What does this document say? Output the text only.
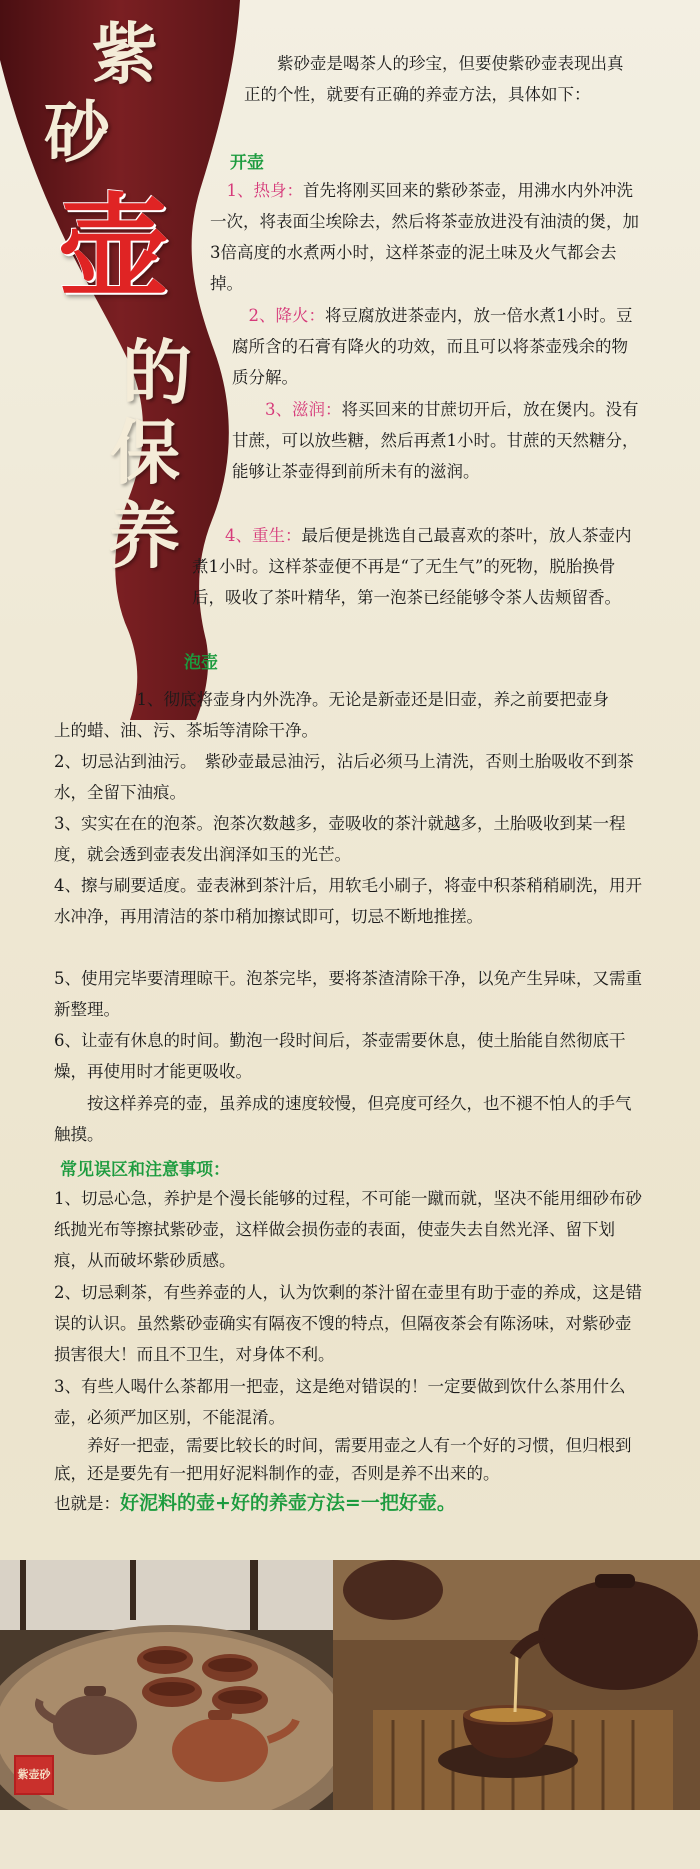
紫
砂
壶
的
保
养

紫砂壶是喝茶人的珍宝，但要使紫砂壶表现出真正的个性，就要有正确的养壶方法，具体如下：

开壶

1、热身：首先将刚买回来的紫砂茶壶，用沸水内外冲洗一次，将表面尘埃除去，然后将茶壶放进没有油渍的煲，加3倍高度的水煮两小时，这样茶壶的泥土味及火气都会去掉。

2、降火：将豆腐放进茶壶内，放一倍水煮1小时。豆腐所含的石膏有降火的功效，而且可以将茶壶残余的物质分解。

3、滋润：将买回来的甘蔗切开后，放在煲内。没有甘蔗，可以放些糖，然后再煮1小时。甘蔗的天然糖分，能够让茶壶得到前所未有的滋润。

4、重生：最后便是挑选自己最喜欢的茶叶，放人茶壶内煮1小时。这样茶壶便不再是“了无生气”的死物，脱胎换骨后，吸收了茶叶精华，第一泡茶已经能够令茶人齿颊留香。

泡壶

1、彻底将壶身内外洗净。无论是新壶还是旧壶，养之前要把壶身　　上的蜡、油、污、茶垢等清除干净。

2、切忌沾到油污。　紫砂壶最忌油污，沾后必须马上清洗，否则土胎吸收不到茶水，全留下油痕。

3、实实在在的泡茶。泡茶次数越多，壶吸收的茶汁就越多，土胎吸收到某一程度，就会透到壶表发出润泽如玉的光芒。

4、擦与刷要适度。壶表淋到茶汁后，用软毛小刷子，将壶中积茶稍稍刷洗，用开水冲净，再用清洁的茶巾稍加擦试即可，切忌不断地推搓。

5、使用完毕要清理晾干。泡茶完毕，要将茶渣清除干净，以免产生异味，又需重新整理。

6、让壶有休息的时间。勤泡一段时间后，茶壶需要休息，使土胎能自然彻底干燥，再使用时才能更吸收。

按这样养亮的壶，虽养成的速度较慢，但亮度可经久，也不褪不怕人的手气触摸。

常见误区和注意事项：

1、切忌心急，养护是个漫长能够的过程，不可能一蹴而就，坚决不能用细砂布砂纸抛光布等擦拭紫砂壶，这样做会损伤壶的表面，使壶失去自然光泽、留下划痕，从而破坏紫砂质感。

2、切忌剩茶，有些养壶的人，认为饮剩的茶汁留在壶里有助于壶的养成，这是错误的认识。虽然紫砂壶确实有隔夜不馊的特点，但隔夜茶会有陈汤味，对紫砂壶损害很大！而且不卫生，对身体不利。

3、有些人喝什么茶都用一把壶，这是绝对错误的！一定要做到饮什么茶用什么壶，必须严加区别，不能混淆。

养好一把壶，需要比较长的时间，需要用壶之人有一个好的习惯，但归根到底，还是要先有一把用好泥料制作的壶，否则是养不出来的。

也就是：好泥料的壶+好的养壶方法=一把好壶。

紫壶砂
